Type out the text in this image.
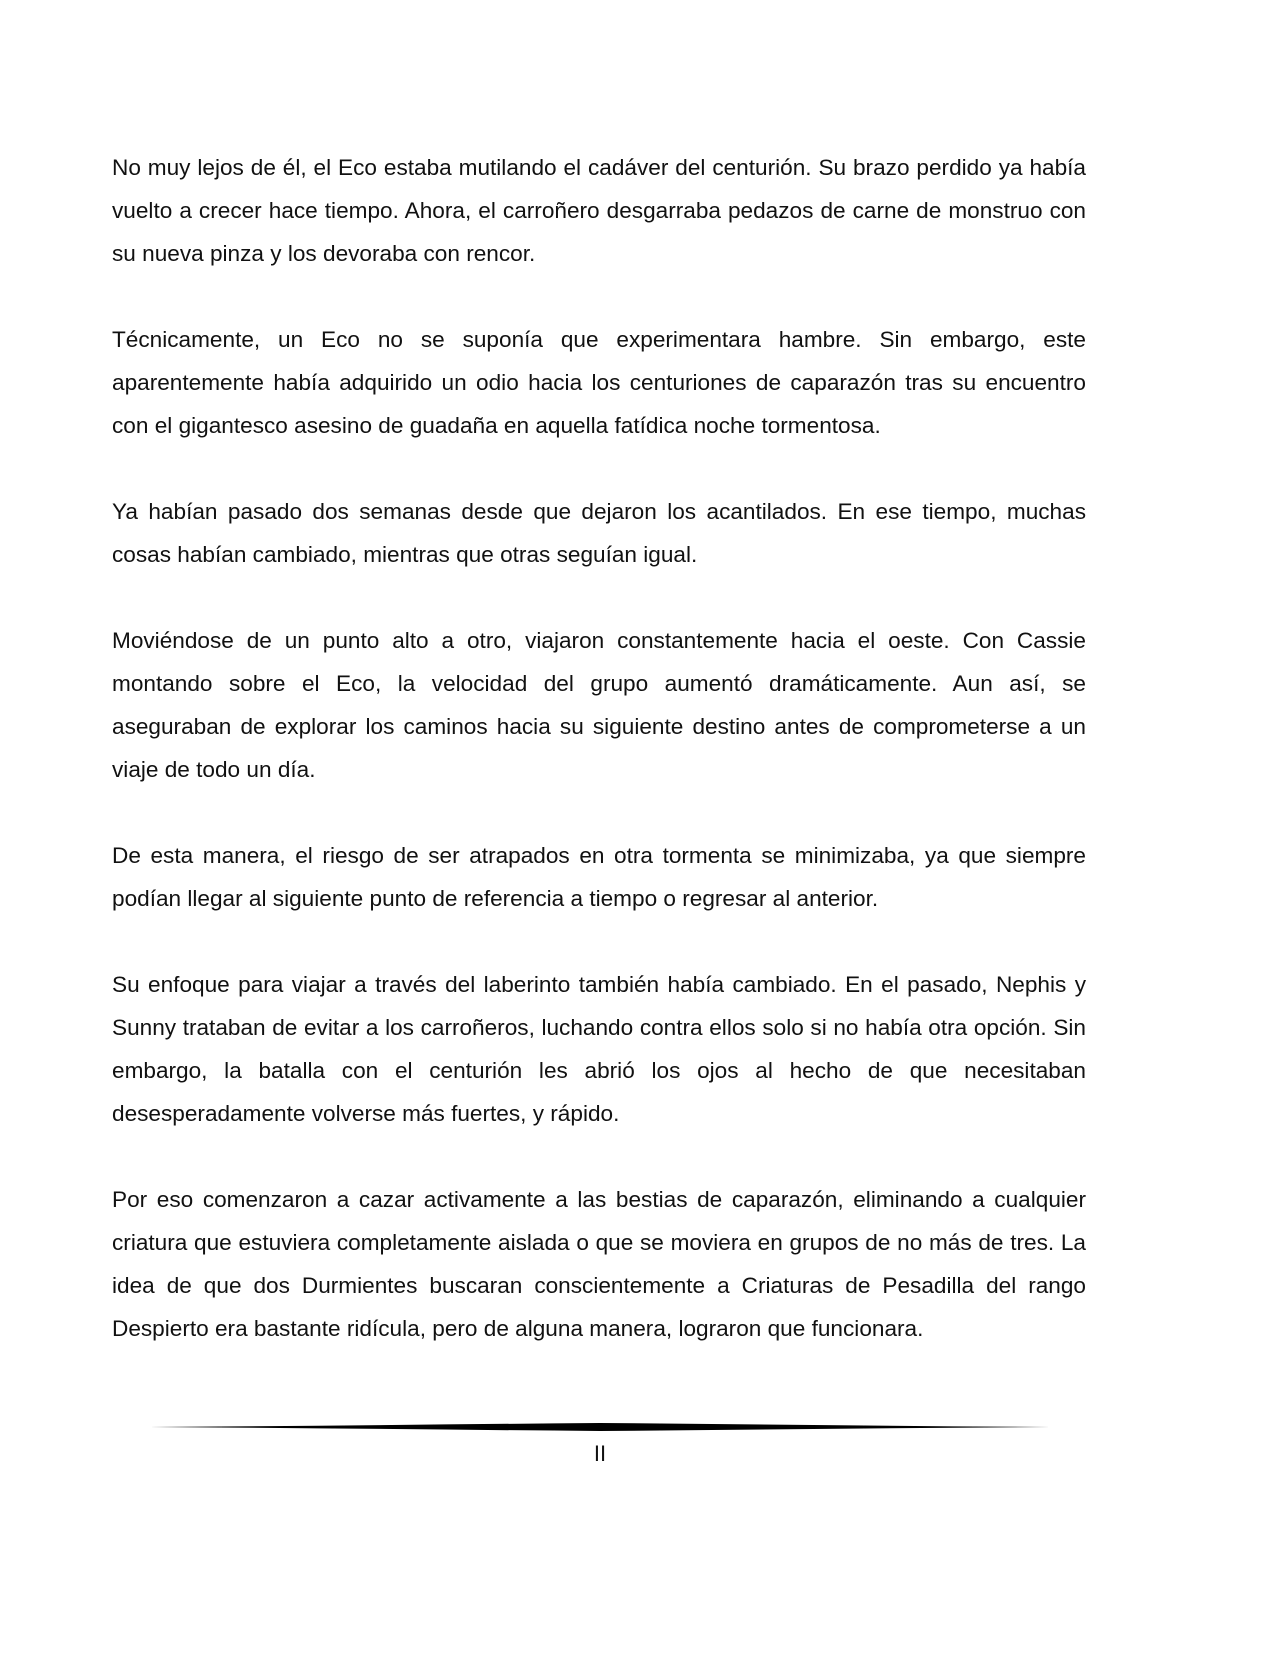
No muy lejos de él, el Eco estaba mutilando el cadáver del centurión. Su brazo perdido ya había vuelto a crecer hace tiempo. Ahora, el carroñero desgarraba pedazos de carne de monstruo con su nueva pinza y los devoraba con rencor.

Técnicamente, un Eco no se suponía que experimentara hambre. Sin embargo, este aparentemente había adquirido un odio hacia los centuriones de caparazón tras su encuentro con el gigantesco asesino de guadaña en aquella fatídica noche tormentosa.

Ya habían pasado dos semanas desde que dejaron los acantilados. En ese tiempo, muchas cosas habían cambiado, mientras que otras seguían igual.

Moviéndose de un punto alto a otro, viajaron constantemente hacia el oeste. Con Cassie montando sobre el Eco, la velocidad del grupo aumentó dramáticamente. Aun así, se aseguraban de explorar los caminos hacia su siguiente destino antes de comprometerse a un viaje de todo un día.

De esta manera, el riesgo de ser atrapados en otra tormenta se minimizaba, ya que siempre podían llegar al siguiente punto de referencia a tiempo o regresar al anterior.

Su enfoque para viajar a través del laberinto también había cambiado. En el pasado, Nephis y Sunny trataban de evitar a los carroñeros, luchando contra ellos solo si no había otra opción. Sin embargo, la batalla con el centurión les abrió los ojos al hecho de que necesitaban desesperadamente volverse más fuertes, y rápido.

Por eso comenzaron a cazar activamente a las bestias de caparazón, eliminando a cualquier criatura que estuviera completamente aislada o que se moviera en grupos de no más de tres. La idea de que dos Durmientes buscaran conscientemente a Criaturas de Pesadilla del rango Despierto era bastante ridícula, pero de alguna manera, lograron que funcionara.

II
